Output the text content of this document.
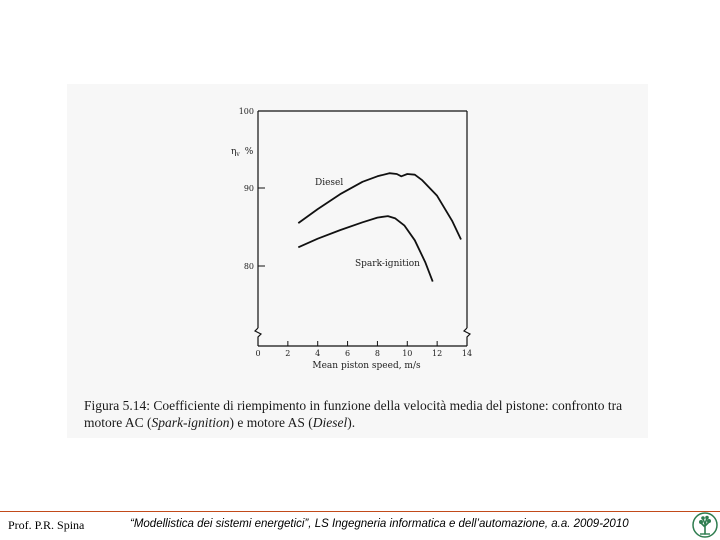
0	2	4	6	8	10 12 14
80
90
100
Diesel
Spark-ignition
Mean piston speed, m/s
$\eta_v$ %
Figura 5.14: Coefficiente di riempimento in funzione della velocità media del pistone: confronto tra motore AC (Spark-ignition) e motore AS (Diesel).
Prof. P.R. Spina	“Modellistica dei sistemi energetici”, LS Ingegneria informatica e dell’automazione, a.a. 2009-2010
